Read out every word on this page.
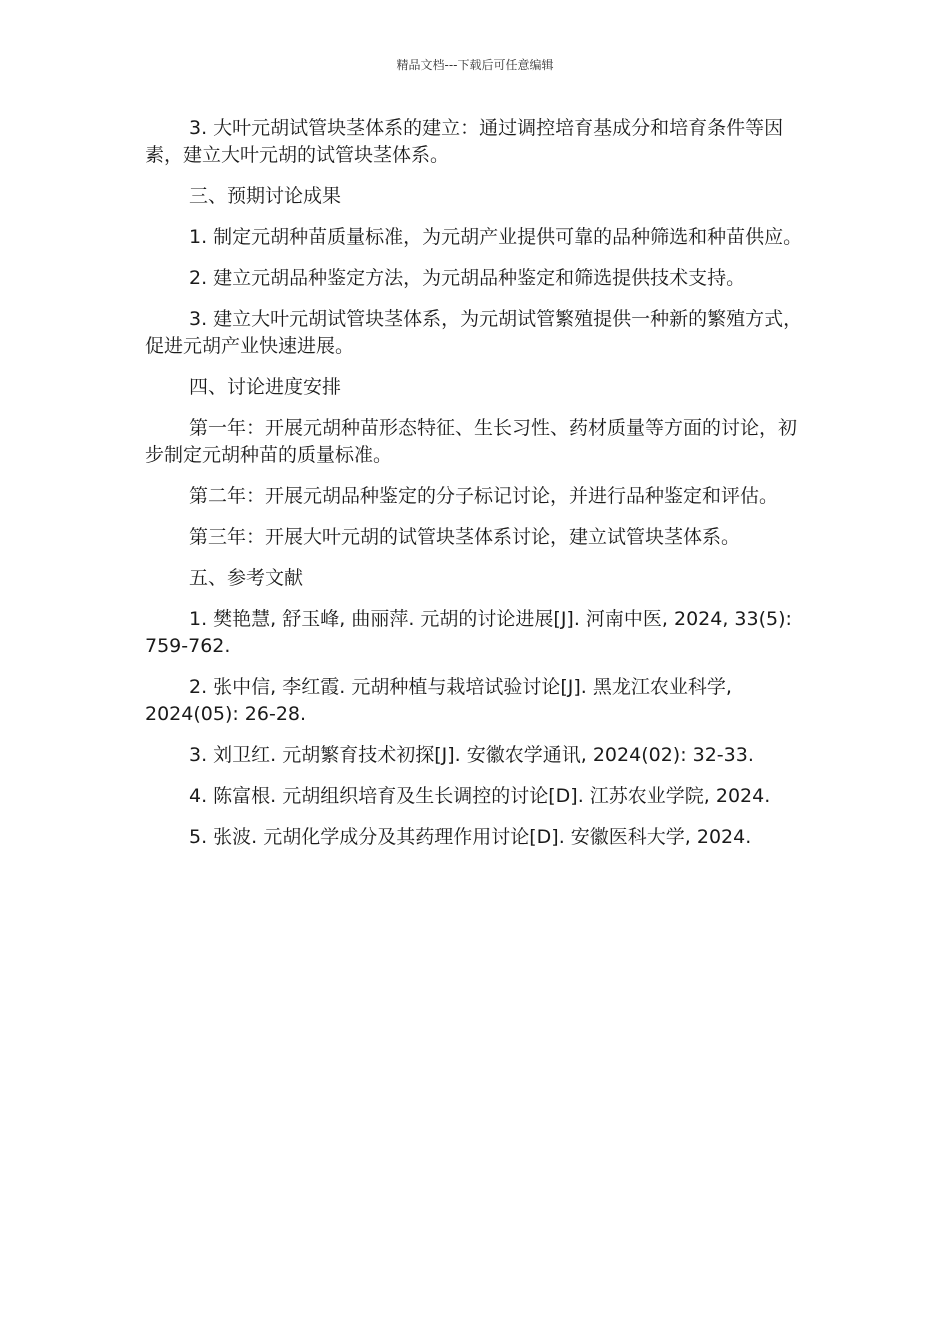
精品文档---下载后可任意编辑

3. 大叶元胡试管块茎体系的建立：通过调控培育基成分和培育条件等因素，建立大叶元胡的试管块茎体系。

三、预期讨论成果

1. 制定元胡种苗质量标准，为元胡产业提供可靠的品种筛选和种苗供应。

2. 建立元胡品种鉴定方法，为元胡品种鉴定和筛选提供技术支持。

3. 建立大叶元胡试管块茎体系，为元胡试管繁殖提供一种新的繁殖方式，促进元胡产业快速进展。

四、讨论进度安排

第一年：开展元胡种苗形态特征、生长习性、药材质量等方面的讨论，初步制定元胡种苗的质量标准。

第二年：开展元胡品种鉴定的分子标记讨论，并进行品种鉴定和评估。

第三年：开展大叶元胡的试管块茎体系讨论，建立试管块茎体系。

五、参考文献

1. 樊艳慧, 舒玉峰, 曲丽萍. 元胡的讨论进展[J]. 河南中医, 2024, 33(5): 759-762.

2. 张中信, 李红霞. 元胡种植与栽培试验讨论[J]. 黑龙江农业科学, 2024(05): 26-28.

3. 刘卫红. 元胡繁育技术初探[J]. 安徽农学通讯, 2024(02): 32-33.

4. 陈富根. 元胡组织培育及生长调控的讨论[D]. 江苏农业学院, 2024.

5. 张波. 元胡化学成分及其药理作用讨论[D]. 安徽医科大学, 2024.
